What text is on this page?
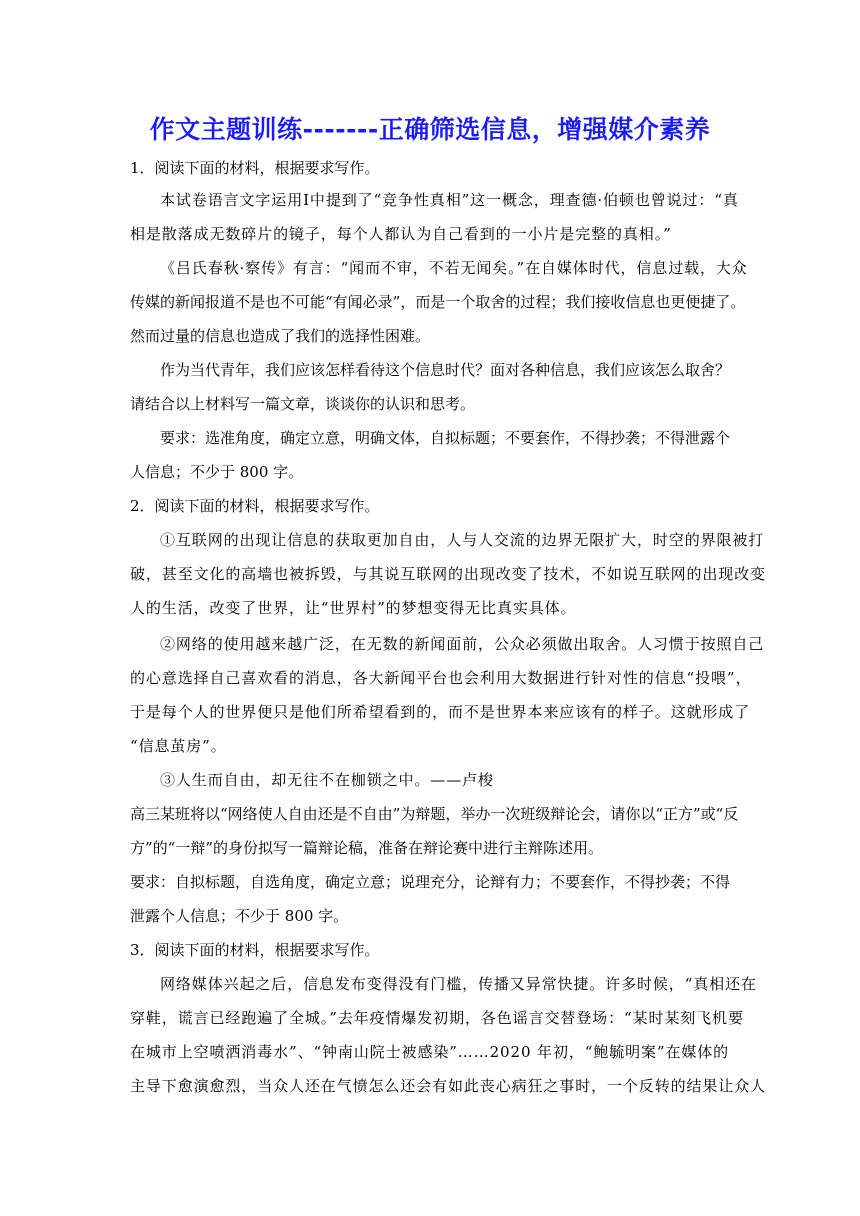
作文主题训练-------正确筛选信息，增强媒介素养
1．阅读下面的材料，根据要求写作。
本试卷语言文字运用Ⅰ中提到了“竞争性真相”这一概念，理查德·伯顿也曾说过：“真
相是散落成无数碎片的镜子，每个人都认为自己看到的一小片是完整的真相。”
《吕氏春秋·察传》有言：“闻而不审，不若无闻矣。”在自媒体时代，信息过载，大众
传媒的新闻报道不是也不可能“有闻必录”，而是一个取舍的过程；我们接收信息也更便捷了。
然而过量的信息也造成了我们的选择性困难。
作为当代青年，我们应该怎样看待这个信息时代？面对各种信息，我们应该怎么取舍？
请结合以上材料写一篇文章，谈谈你的认识和思考。
要求：选准角度，确定立意，明确文体，自拟标题；不要套作，不得抄袭；不得泄露个
人信息；不少于 800 字。
2．阅读下面的材料，根据要求写作。
①互联网的出现让信息的获取更加自由，人与人交流的边界无限扩大，时空的界限被打
破，甚至文化的高墙也被拆毁，与其说互联网的出现改变了技术，不如说互联网的出现改变
人的生活，改变了世界，让“世界村”的梦想变得无比真实具体。
②网络的使用越来越广泛，在无数的新闻面前，公众必须做出取舍。人习惯于按照自己
的心意选择自己喜欢看的消息，各大新闻平台也会利用大数据进行针对性的信息“投喂”，
于是每个人的世界便只是他们所希望看到的，而不是世界本来应该有的样子。这就形成了
“信息茧房”。
③人生而自由，却无往不在枷锁之中。——卢梭
高三某班将以“网络使人自由还是不自由”为辩题，举办一次班级辩论会，请你以“正方”或“反
方”的“一辩”的身份拟写一篇辩论稿，准备在辩论赛中进行主辩陈述用。
要求：自拟标题，自选角度，确定立意；说理充分，论辩有力；不要套作，不得抄袭；不得
泄露个人信息；不少于 800 字。
3．阅读下面的材料，根据要求写作。
网络媒体兴起之后，信息发布变得没有门槛，传播又异常快捷。许多时候，“真相还在
穿鞋，谎言已经跑遍了全城。”去年疫情爆发初期，各色谣言交替登场：“某时某刻飞机要
在城市上空喷洒消毒水”、“钟南山院士被感染”……2020 年初，“鲍毓明案”在媒体的
主导下愈演愈烈，当众人还在气愤怎么还会有如此丧心病狂之事时，一个反转的结果让众人
